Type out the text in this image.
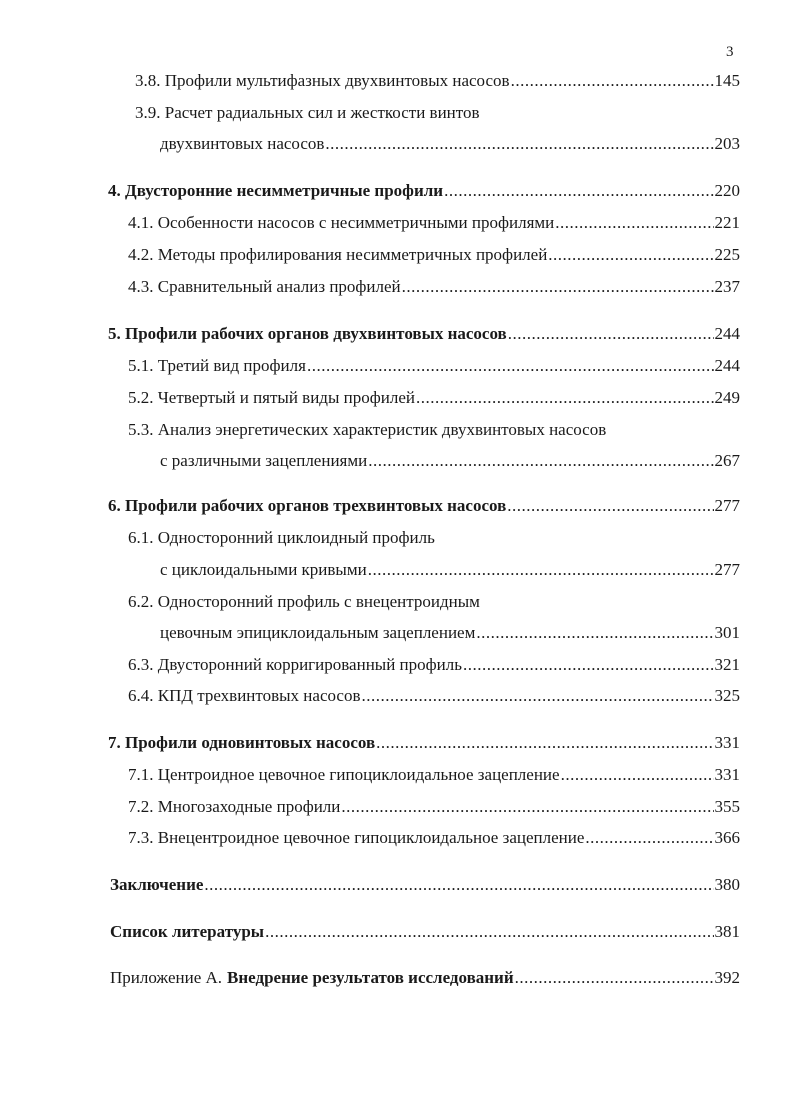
3
3.8. Профили мультифазных двухвинтовых насосов .....	145
3.9. Расчет радиальных сил и жесткости винтов
двухвинтовых насосов .....	203
4. Двусторонние несимметричные профили .....	220
4.1. Особенности насосов с несимметричными профилями .....	221
4.2. Методы профилирования несимметричных профилей .....	225
4.3. Сравнительный анализ профилей .....	237
5. Профили рабочих органов двухвинтовых насосов .....	244
5.1. Третий вид профиля .....	244
5.2. Четвертый и пятый виды профилей .....	249
5.3. Анализ энергетических характеристик двухвинтовых насосов
с различными зацеплениями .....	267
6. Профили рабочих органов трехвинтовых насосов .....	277
6.1. Односторонний циклоидный профиль
с циклоидальными кривыми .....	277
6.2. Односторонний профиль с внецентроидным
цевочным эпициклоидальным зацеплением .....	301
6.3. Двусторонний корригированный профиль .....	321
6.4. КПД трехвинтовых насосов .....	325
7. Профили одновинтовых насосов .....	331
7.1. Центроидное цевочное гипоциклоидальное зацепление .....	331
7.2. Многозаходные профили .....	355
7.3. Внецентроидное цевочное гипоциклоидальное зацепление .....	366
Заключение .....	380
Список литературы .....	381
Приложение А. Внедрение результатов исследований .....	392
